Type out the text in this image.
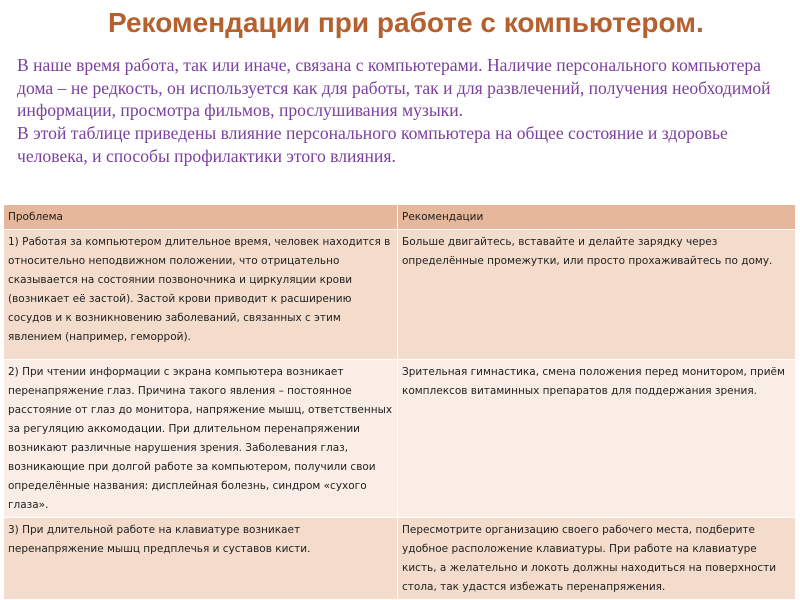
Рекомендации при работе с компьютером.

В наше время работа, так или иначе, связана с компьютерами. Наличие персонального компьютера дома – не редкость, он используется как для работы, так и для развлечений, получения необходимой информации, просмотра фильмов, прослушивания музыки.

В этой таблице приведены влияние персонального компьютера на общее состояние и здоровье человека, и способы профилактики этого влияния.

Проблема	Рекомендации
1) Работая за компьютером длительное время, человек находится в относительно неподвижном положении, что отрицательно сказывается на состоянии позвоночника и циркуляции крови (возникает её застой). Застой крови приводит к расширению сосудов и к возникновению заболеваний, связанных с этим явлением (например, геморрой).	Больше двигайтесь, вставайте и делайте зарядку через определённые промежутки, или просто прохаживайтесь по дому.
2) При чтении информации с экрана компьютера возникает перенапряжение глаз. Причина такого явления – постоянное расстояние от глаз до монитора, напряжение мышц, ответственных за регуляцию аккомодации. При длительном перенапряжении возникают различные нарушения зрения. Заболевания глаз, возникающие при долгой работе за компьютером, получили свои определённые названия: дисплейная болезнь, синдром «сухого глаза».	Зрительная гимнастика, смена положения перед монитором, приём комплексов витаминных препаратов для поддержания зрения.
3) При длительной работе на клавиатуре возникает перенапряжение мышц предплечья и суставов кисти.	Пересмотрите организацию своего рабочего места, подберите удобное расположение клавиатуры. При работе на клавиатуре кисть, а желательно и локоть должны находиться на поверхности стола, так удастся избежать перенапряжения.
